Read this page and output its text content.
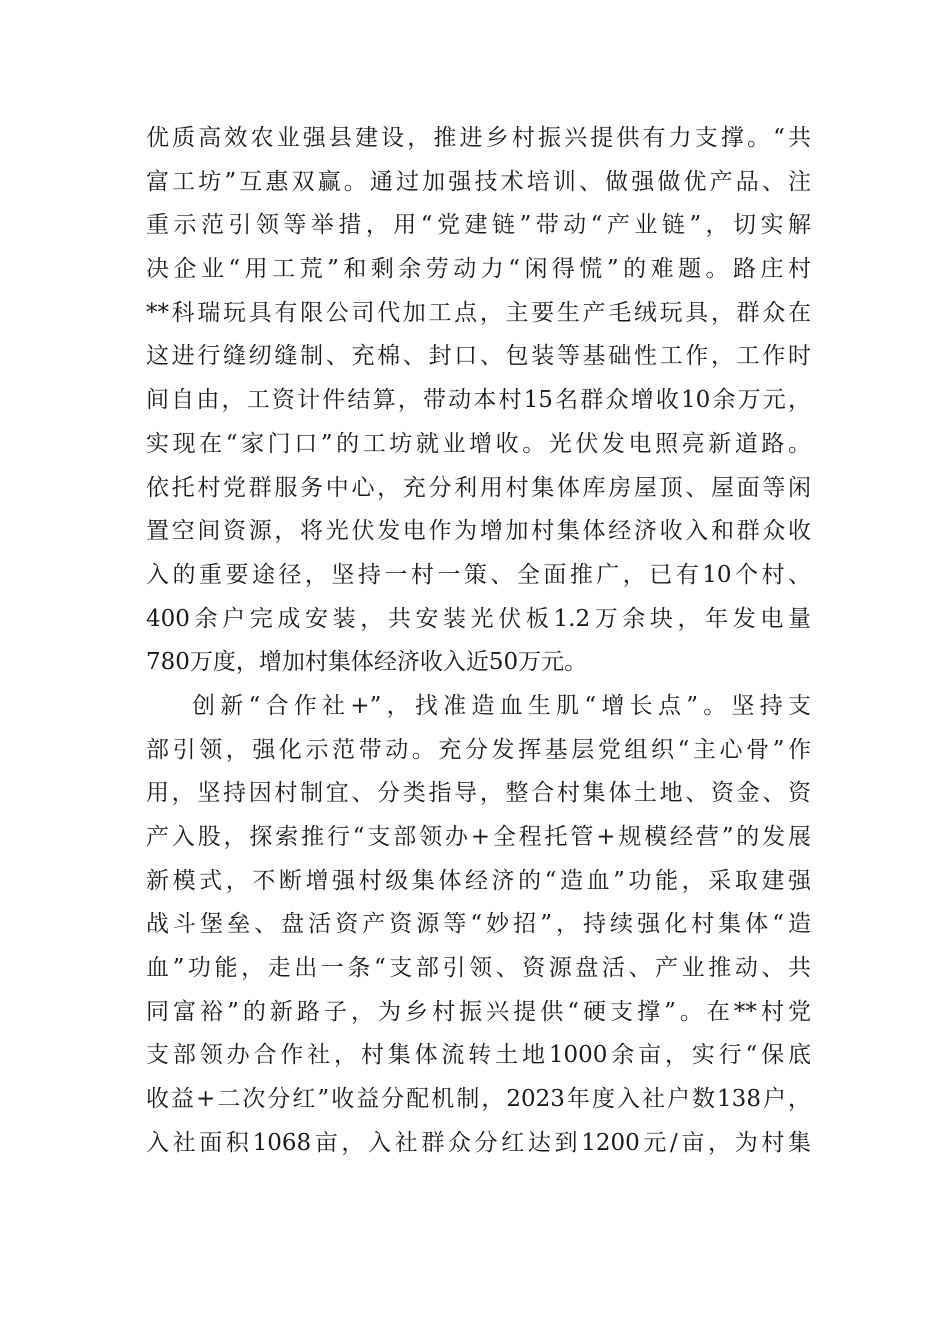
优质高效农业强县建设，推进乡村振兴提供有力支撑。“共
富工坊”互惠双赢。通过加强技术培训、做强做优产品、注
重示范引领等举措，用“党建链”带动“产业链”，切实解
决企业“用工荒”和剩余劳动力“闲得慌”的难题。路庄村
**科瑞玩具有限公司代加工点，主要生产毛绒玩具，群众在
这进行缝纫缝制、充棉、封口、包装等基础性工作，工作时
间自由，工资计件结算，带动本村15名群众增收10余万元，
实现在“家门口”的工坊就业增收。光伏发电照亮新道路。
依托村党群服务中心，充分利用村集体库房屋顶、屋面等闲
置空间资源，将光伏发电作为增加村集体经济收入和群众收
入的重要途径，坚持一村一策、全面推广，已有10个村、
400余户完成安装，共安装光伏板1.2万余块，年发电量
780万度，增加村集体经济收入近50万元。
创新“合作社+”，找准造血生肌“增长点”。坚持支
部引领，强化示范带动。充分发挥基层党组织“主心骨”作
用，坚持因村制宜、分类指导，整合村集体土地、资金、资
产入股，探索推行“支部领办+全程托管+规模经营”的发展
新模式，不断增强村级集体经济的“造血”功能，采取建强
战斗堡垒、盘活资产资源等“妙招”，持续强化村集体“造
血”功能，走出一条“支部引领、资源盘活、产业推动、共
同富裕”的新路子，为乡村振兴提供“硬支撑”。在**村党
支部领办合作社，村集体流转土地1000余亩，实行“保底
收益+二次分红”收益分配机制，2023年度入社户数138户，
入社面积1068亩，入社群众分红达到1200元/亩，为村集
